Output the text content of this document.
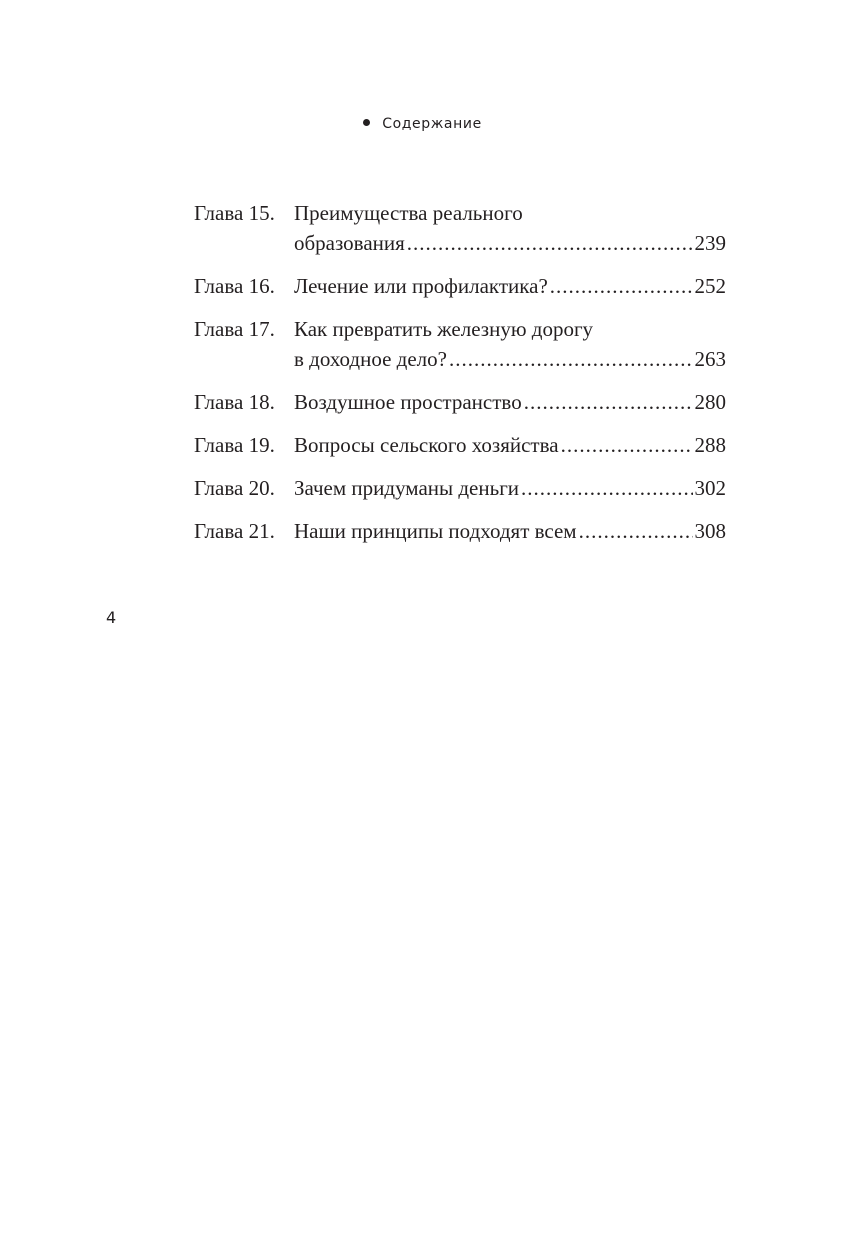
Содержание
Глава 15. Преимущества реального
образования .....	239
Глава 16. Лечение или профилактика? .....	252
Глава 17. Как превратить железную дорогу
в доходное дело? .....	263
Глава 18. Воздушное пространство .....	280
Глава 19. Вопросы сельского хозяйства .....	288
Глава 20. Зачем придуманы деньги .....	302
Глава 21. Наши принципы подходят всем .....	308
4
